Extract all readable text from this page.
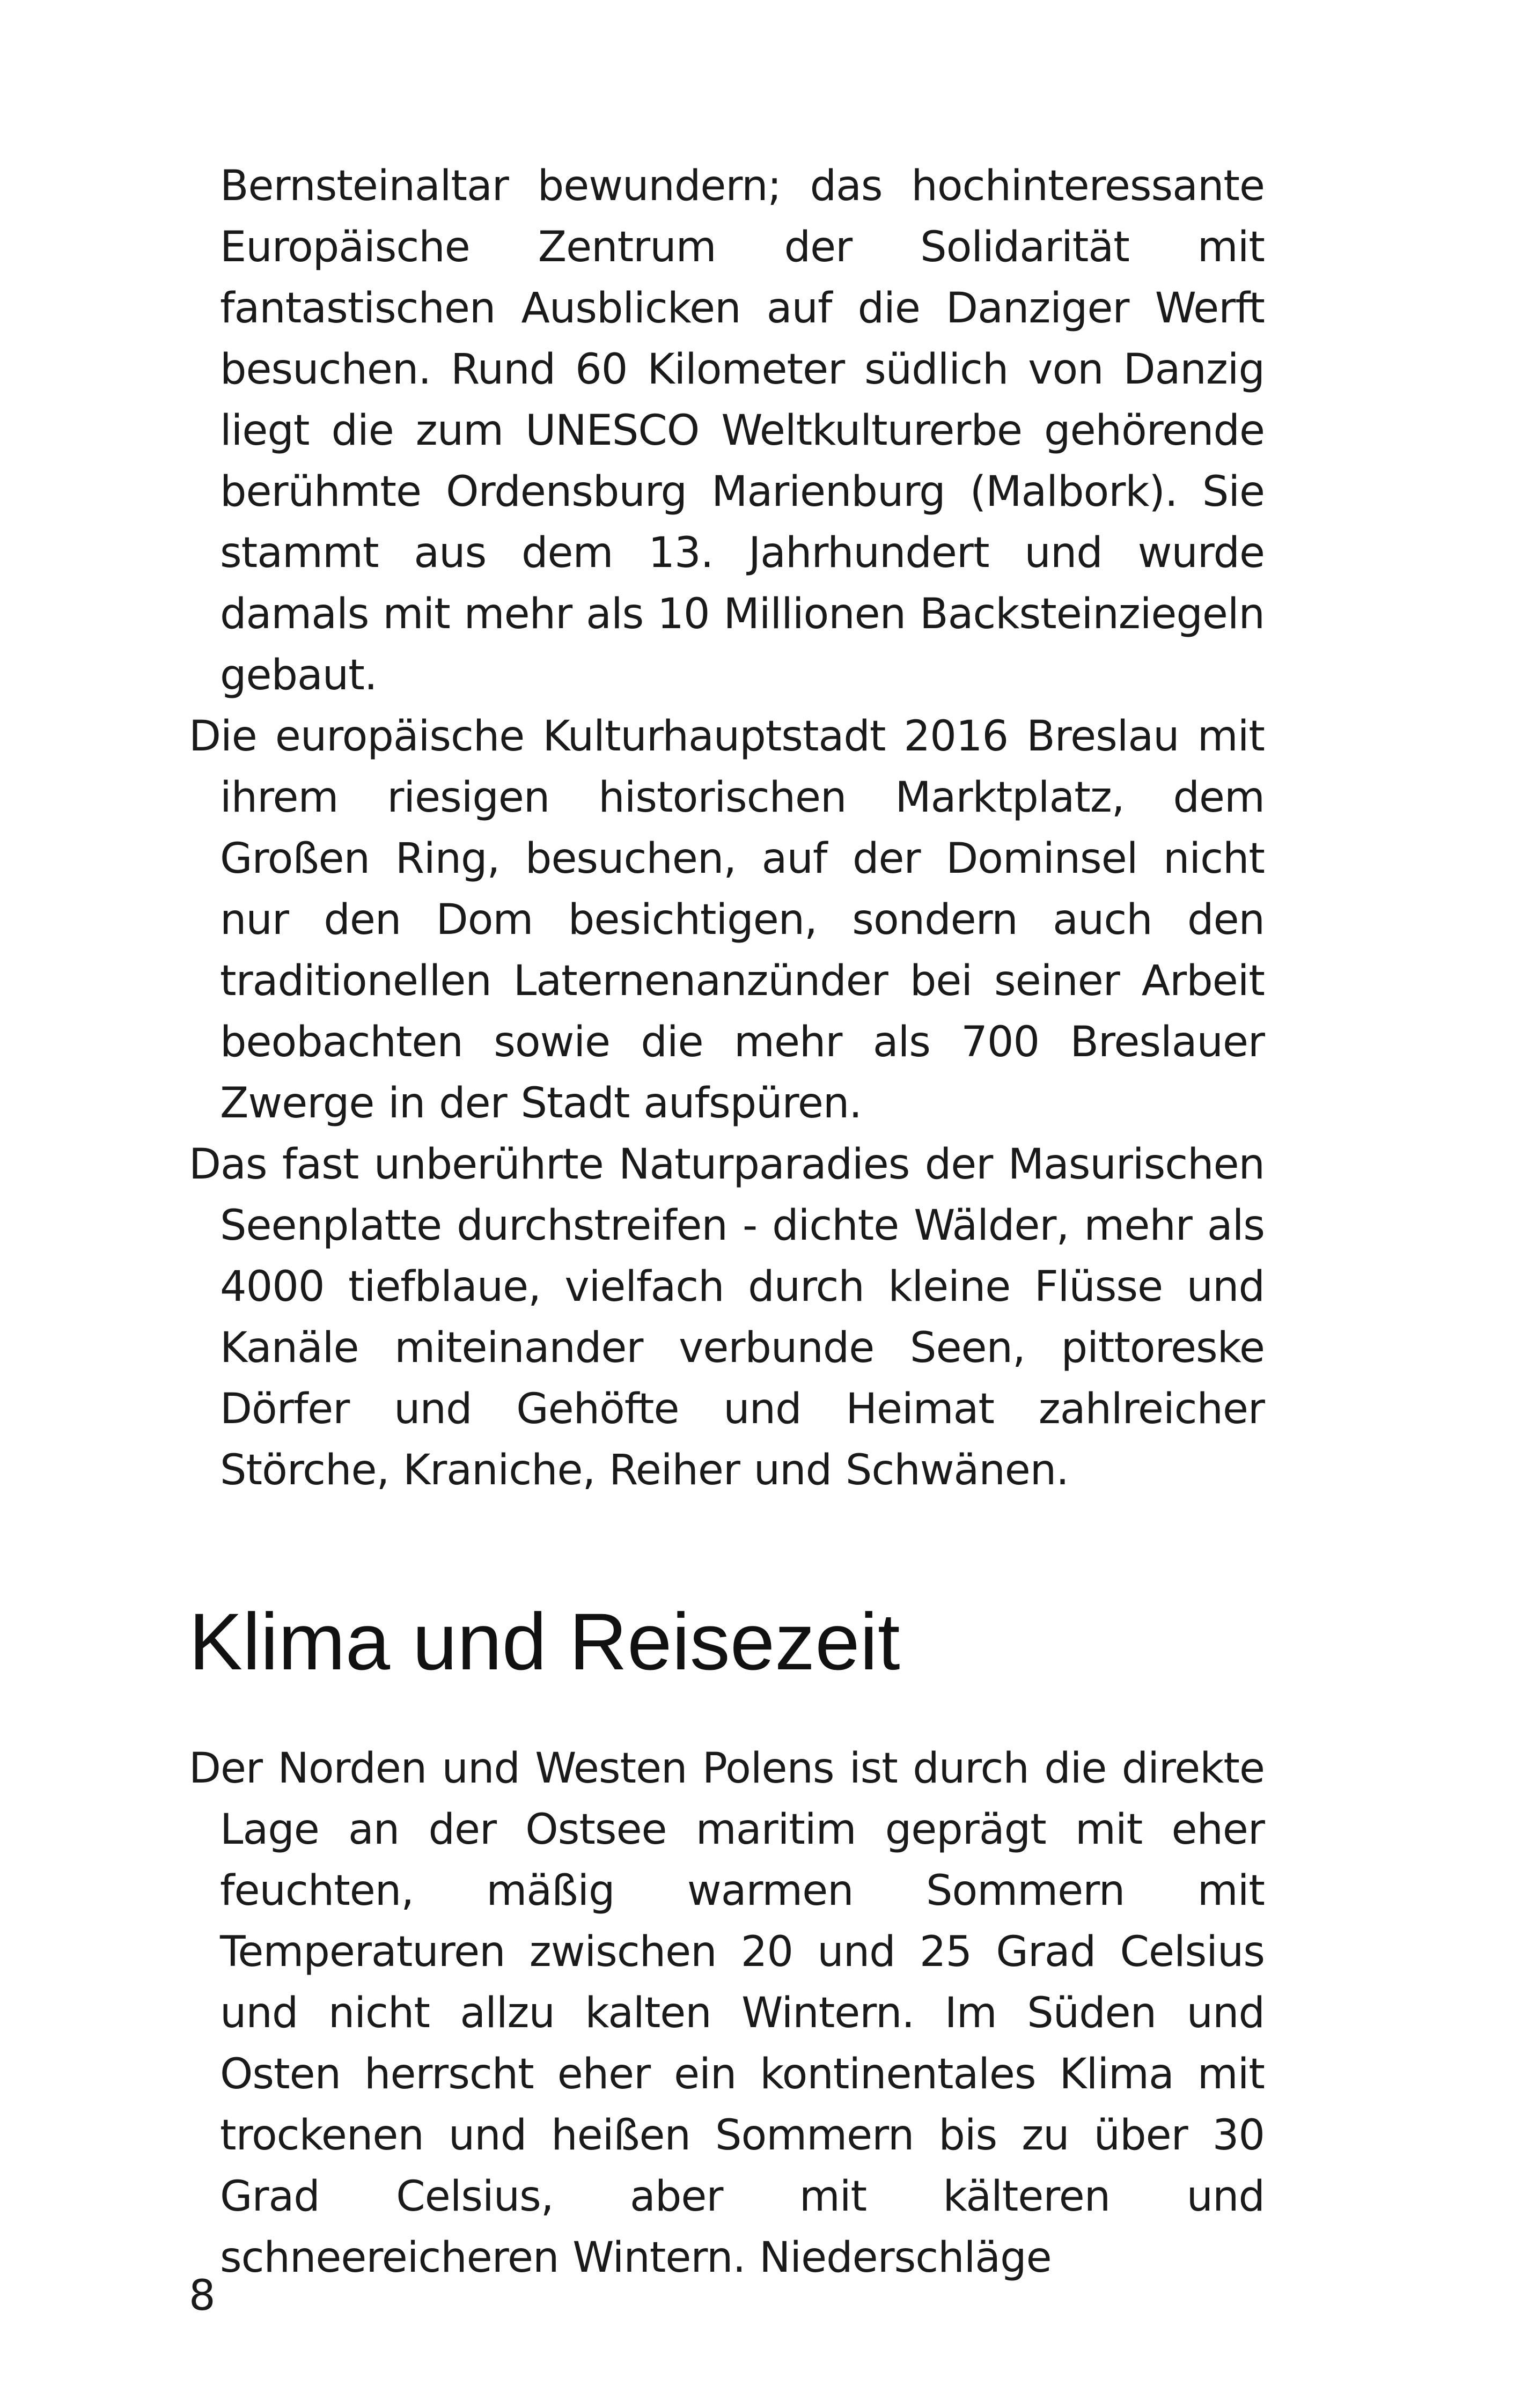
Bernsteinaltar bewundern; das hochinteressante Europäische Zentrum der Solidarität mit fantastischen Ausblicken auf die Danziger Werft besuchen. Rund 60 Kilometer südlich von Danzig liegt die zum UNESCO Weltkulturerbe gehörende berühmte Ordensburg Marienburg (Malbork). Sie stammt aus dem 13. Jahrhundert und wurde damals mit mehr als 10 Millionen Backsteinziegeln gebaut.

Die europäische Kulturhauptstadt 2016 Breslau mit ihrem riesigen historischen Marktplatz, dem Großen Ring, besuchen, auf der Dominsel nicht nur den Dom besichtigen, sondern auch den traditionellen Laternenanzünder bei seiner Arbeit beobachten sowie die mehr als 700 Breslauer Zwerge in der Stadt aufspüren.

Das fast unberührte Naturparadies der Masurischen Seenplatte durchstreifen - dichte Wälder, mehr als 4000 tiefblaue, vielfach durch kleine Flüsse und Kanäle miteinander verbunde Seen, pittoreske Dörfer und Gehöfte und Heimat zahlreicher Störche, Kraniche, Reiher und Schwänen.

Klima und Reisezeit

Der Norden und Westen Polens ist durch die direkte Lage an der Ostsee maritim geprägt mit eher feuchten, mäßig warmen Sommern mit Temperaturen zwischen 20 und 25 Grad Celsius und nicht allzu kalten Wintern. Im Süden und Osten herrscht eher ein kontinentales Klima mit trockenen und heißen Sommern bis zu über 30 Grad Celsius, aber mit kälteren und schneereicheren Wintern. Niederschläge

8
